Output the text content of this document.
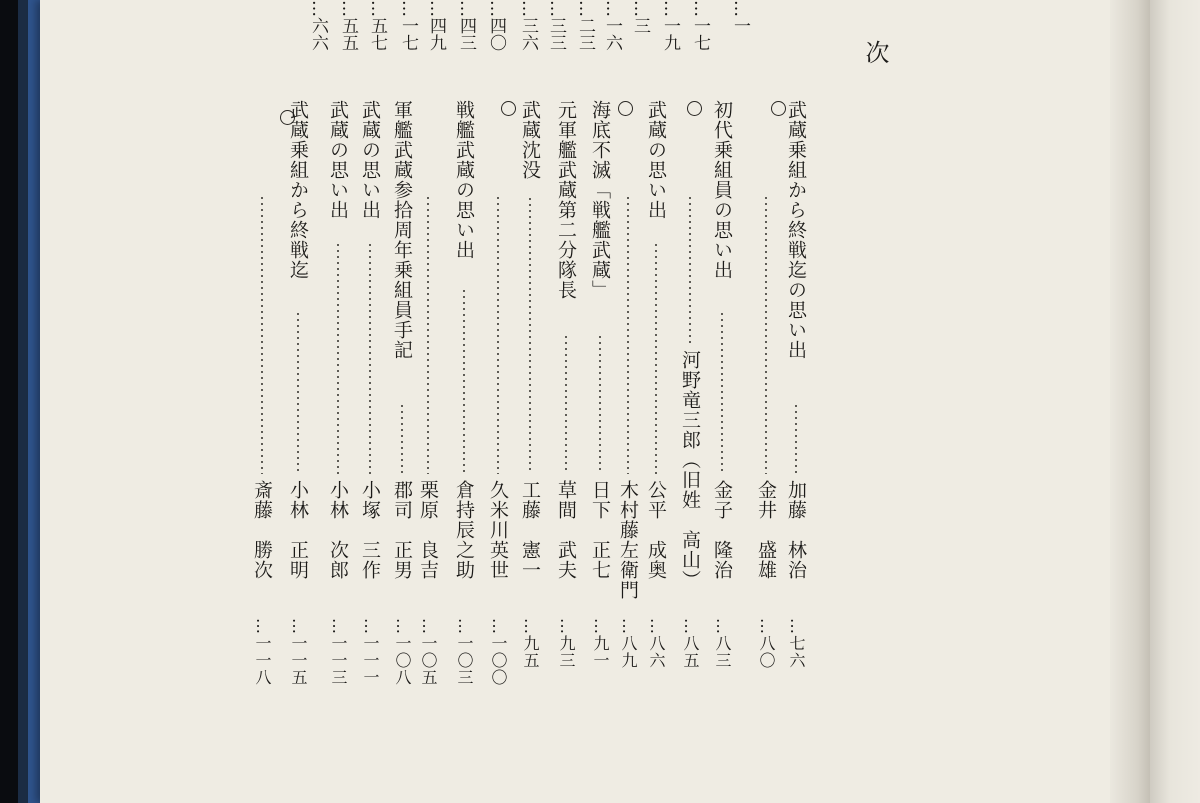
次
…一
…一七
…一九
…三
…一六
…二三
…三三
…三六
…四〇
…四三
…四九
…一七
…五七
…五五
…六六
武蔵乗組から終戦迄の思い出
加藤　林治
…七六
金井　盛雄
…八〇
初代乗組員の思い出
金子　隆治
…八三
河野竜三郎（旧姓　高山）
…八五
武蔵の思い出
公平　成奥
…八六
木村藤左衛門
…八九
海底不滅「戦艦武蔵」
日下　正七
…九一
元軍艦武蔵第二分隊長
草間　武夫
…九三
武蔵沈没
工藤　憲一
…九五
久米川英世
…一〇〇
戦艦武蔵の思い出
倉持辰之助
…一〇三
栗原　良吉
…一〇五
軍艦武蔵参拾周年乗組員手記
郡司　正男
…一〇八
武蔵の思い出
小塚　三作
…一一一
武蔵の思い出
小林　次郎
…一一三
武蔵乗組から終戦迄
小林　正明
…一一五
斎藤　勝次
…一一八
